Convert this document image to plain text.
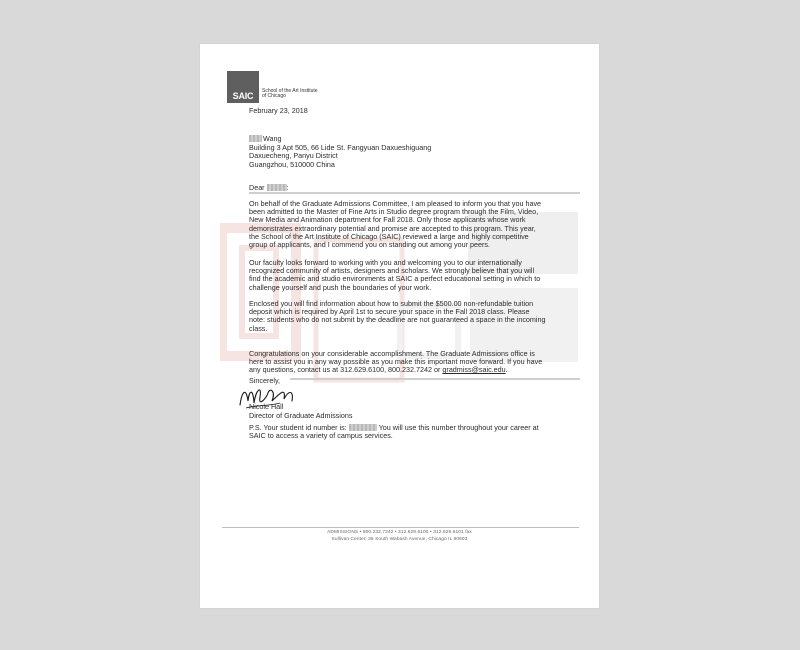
SAIC
School of the Art Institute
of Chicago
February 23, 2018
Wang
Building 3 Apt 505, 66 Lide St. Fangyuan Daxueshiguang
Daxuecheng, Panyu District
Guangzhou, 510000 China
Dear	:
On behalf of the Graduate Admissions Committee, I am pleased to inform you that you have
been admitted to the Master of Fine Arts in Studio degree program through the Film, Video,
New Media and Animation department for Fall 2018. Only those applicants whose work
demonstrates extraordinary potential and promise are accepted to this program. This year,
the School of the Art Institute of Chicago (SAIC) reviewed a large and highly competitive
group of applicants, and I commend you on standing out among your peers.
Our faculty looks forward to working with you and welcoming you to our internationally
recognized community of artists, designers and scholars. We strongly believe that you will
find the academic and studio environments at SAIC a perfect educational setting in which to
challenge yourself and push the boundaries of your work.
Enclosed you will find information about how to submit the $500.00 non-refundable tuition
deposit which is required by April 1st to secure your space in the Fall 2018 class. Please
note: students who do not submit by the deadline are not guaranteed a space in the incoming
class.
Congratulations on your considerable accomplishment. The Graduate Admissions office is
here to assist you in any way possible as you make this important move forward. If you have
any questions, contact us at 312.629.6100, 800.232.7242 or gradmiss@saic.edu.
Sincerely,
Nicole Hall
Director of Graduate Admissions
P.S. Your student id number is:	You will use this number throughout your career at
SAIC to access a variety of campus services.
ADMISSIONS • 800.232.7242 • 312.629.6100 • 312.629.6101 fax
Sullivan Center, 36 South Wabash Avenue, Chicago IL 60603
